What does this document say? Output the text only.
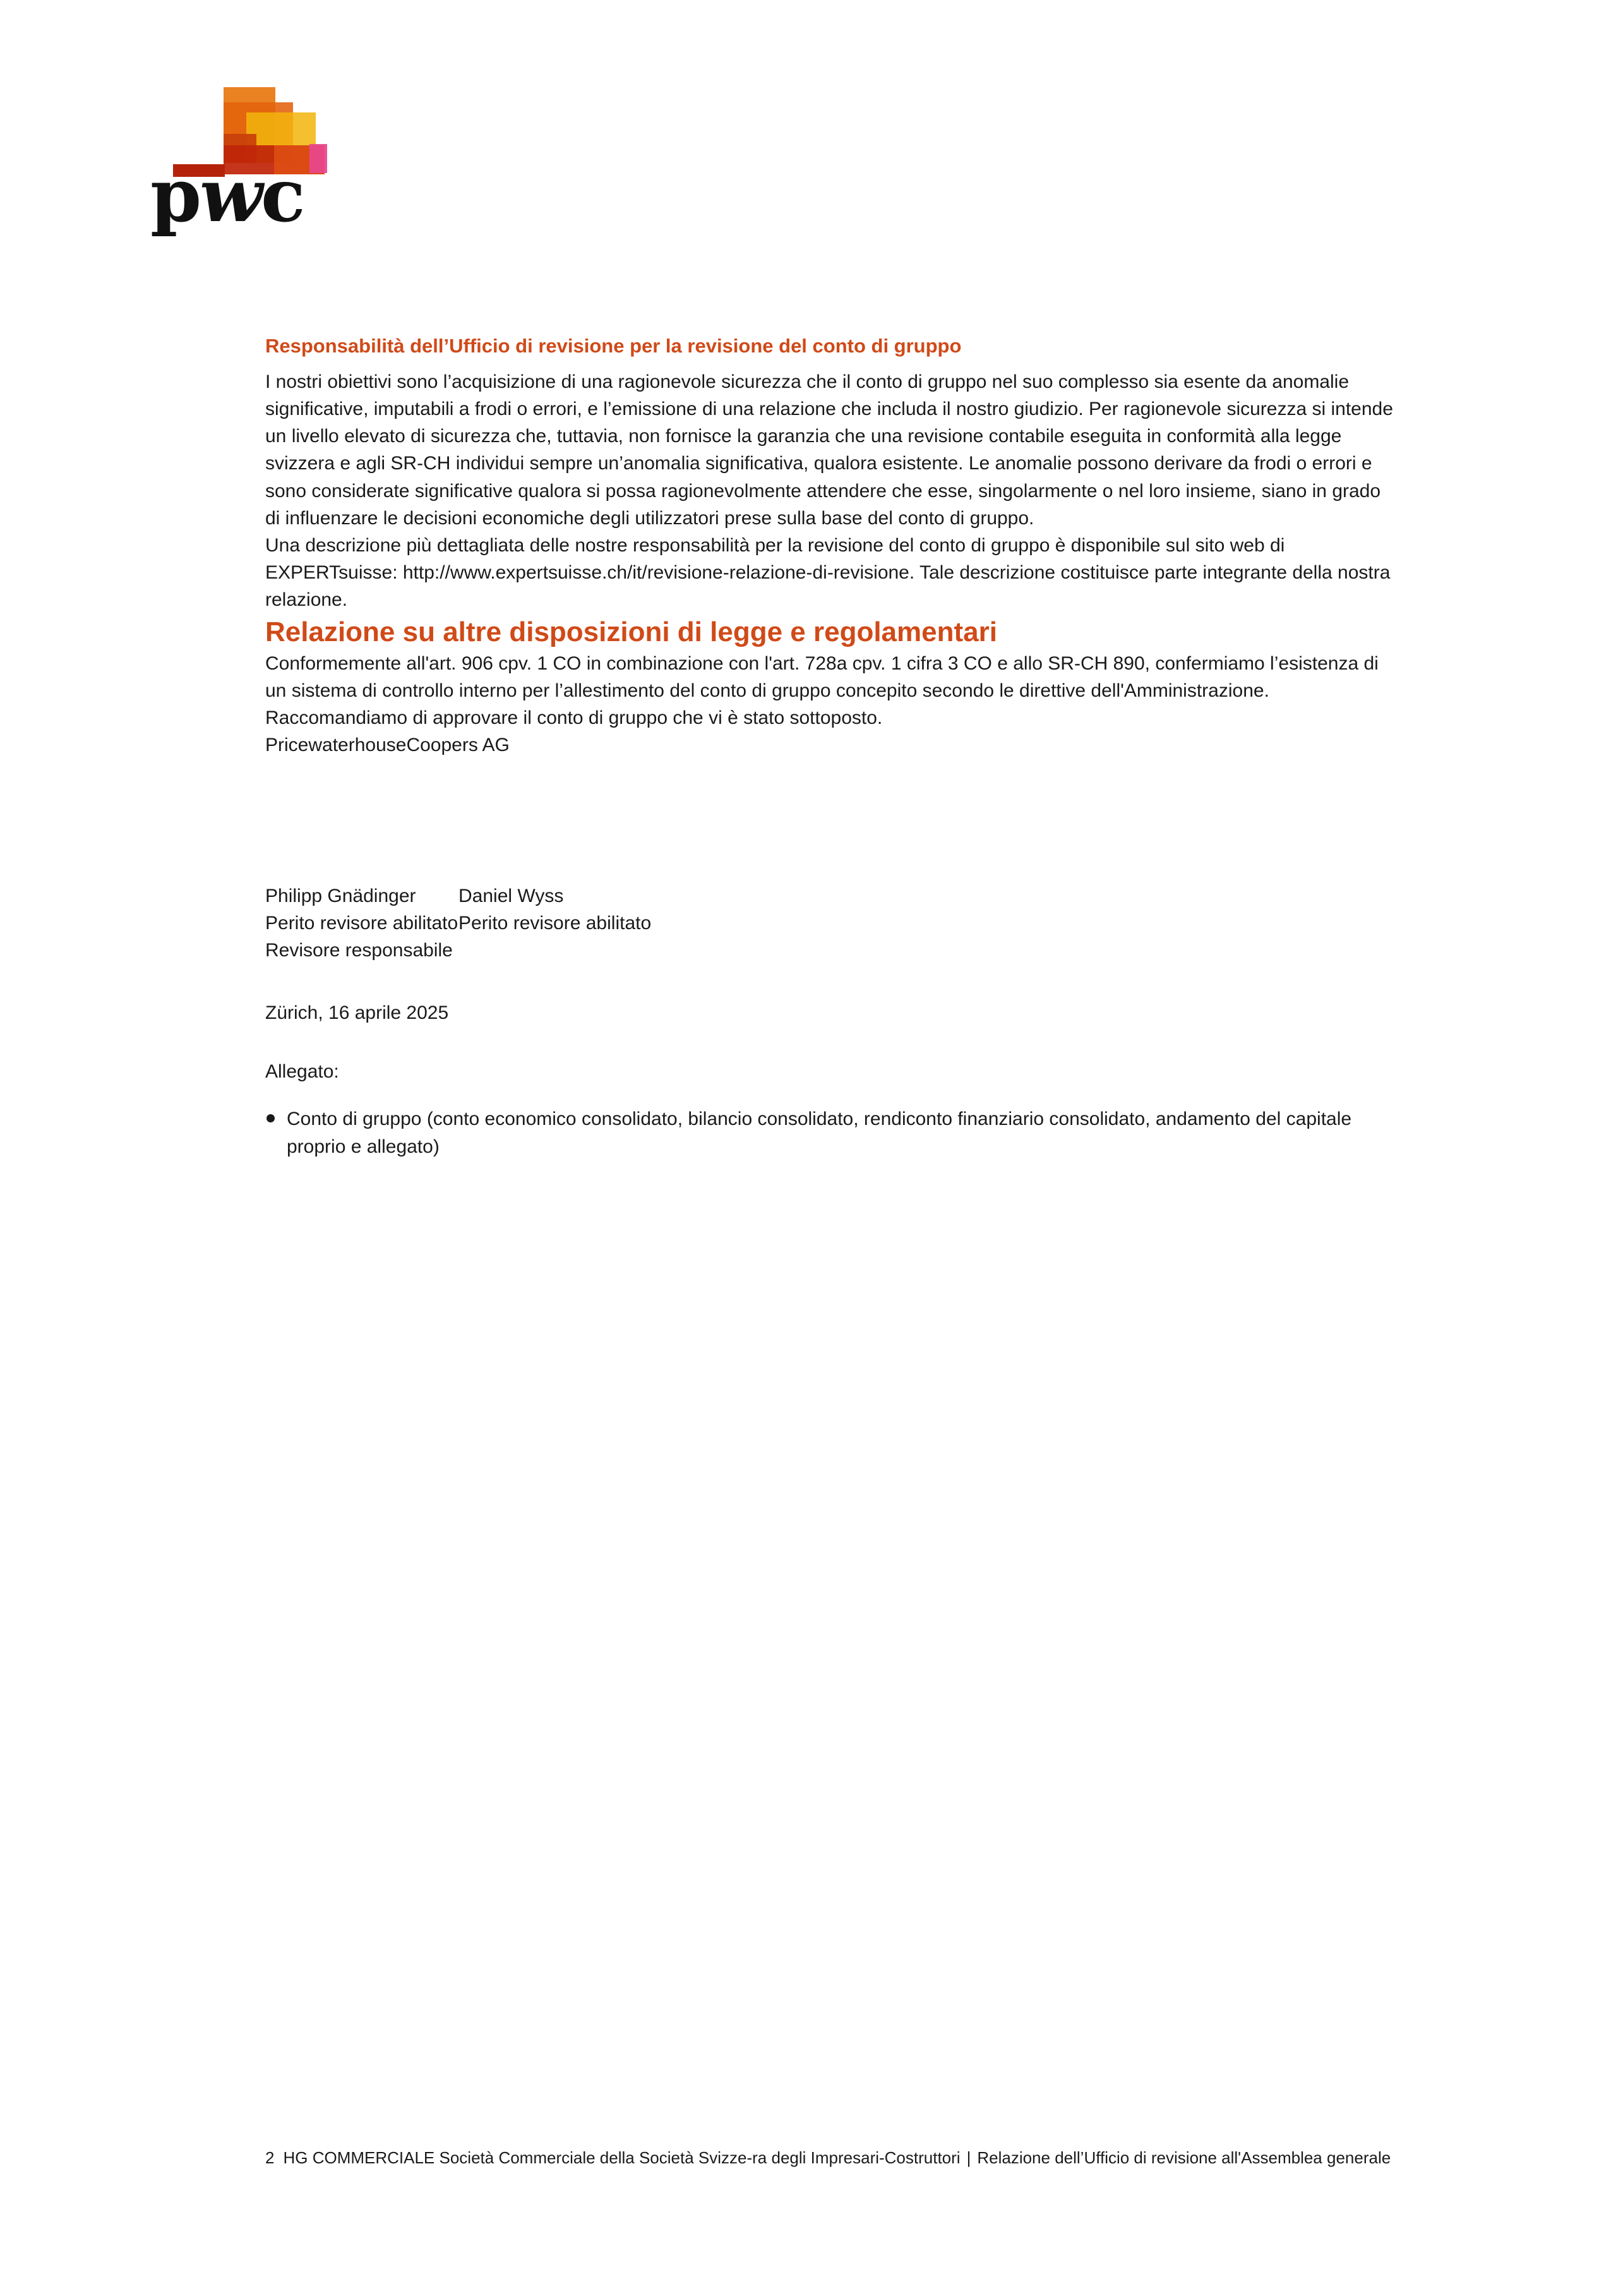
pwc
Responsabilità dell’Ufficio di revisione per la revisione del conto di gruppo

I nostri obiettivi sono l’acquisizione di una ragionevole sicurezza che il conto di gruppo nel suo complesso sia esente da anomalie significative, imputabili a frodi o errori, e l’emissione di una relazione che includa il nostro giudizio. Per ragionevole sicurezza si intende un livello elevato di sicurezza che, tuttavia, non fornisce la garanzia che una revisione contabile eseguita in conformità alla legge svizzera e agli SR-CH individui sempre un’anomalia significativa, qualora esistente. Le anomalie possono derivare da frodi o errori e sono considerate significative qualora si possa ragionevolmente attendere che esse, singolarmente o nel loro insieme, siano in grado di influenzare le decisioni economiche degli utilizzatori prese sulla base del conto di gruppo.

Una descrizione più dettagliata delle nostre responsabilità per la revisione del conto di gruppo è disponibile sul sito web di EXPERTsuisse: http://www.expertsuisse.ch/it/revisione-relazione-di-revisione. Tale descrizione costituisce parte integrante della nostra relazione.

Relazione su altre disposizioni di legge e regolamentari

Conformemente all'art. 906 cpv. 1 CO in combinazione con l'art. 728a cpv. 1 cifra 3 CO e allo SR-CH 890, confermiamo l’esistenza di un sistema di controllo interno per l’allestimento del conto di gruppo concepito secondo le direttive dell'Amministrazione.

Raccomandiamo di approvare il conto di gruppo che vi è stato sottoposto.

PricewaterhouseCoopers AG

Philipp Gnädinger
Perito revisore abilitato
Revisore responsabile
Daniel Wyss
Perito revisore abilitato

Zürich, 16 aprile 2025

Allegato:

Conto di gruppo (conto economico consolidato, bilancio consolidato, rendiconto finanziario consolidato, andamento del capitale proprio e allegato)
2 HG COMMERCIALE Società Commerciale della Società Svizze-ra degli Impresari-Costruttori | Relazione dell’Ufficio di revisione all'Assemblea generale
